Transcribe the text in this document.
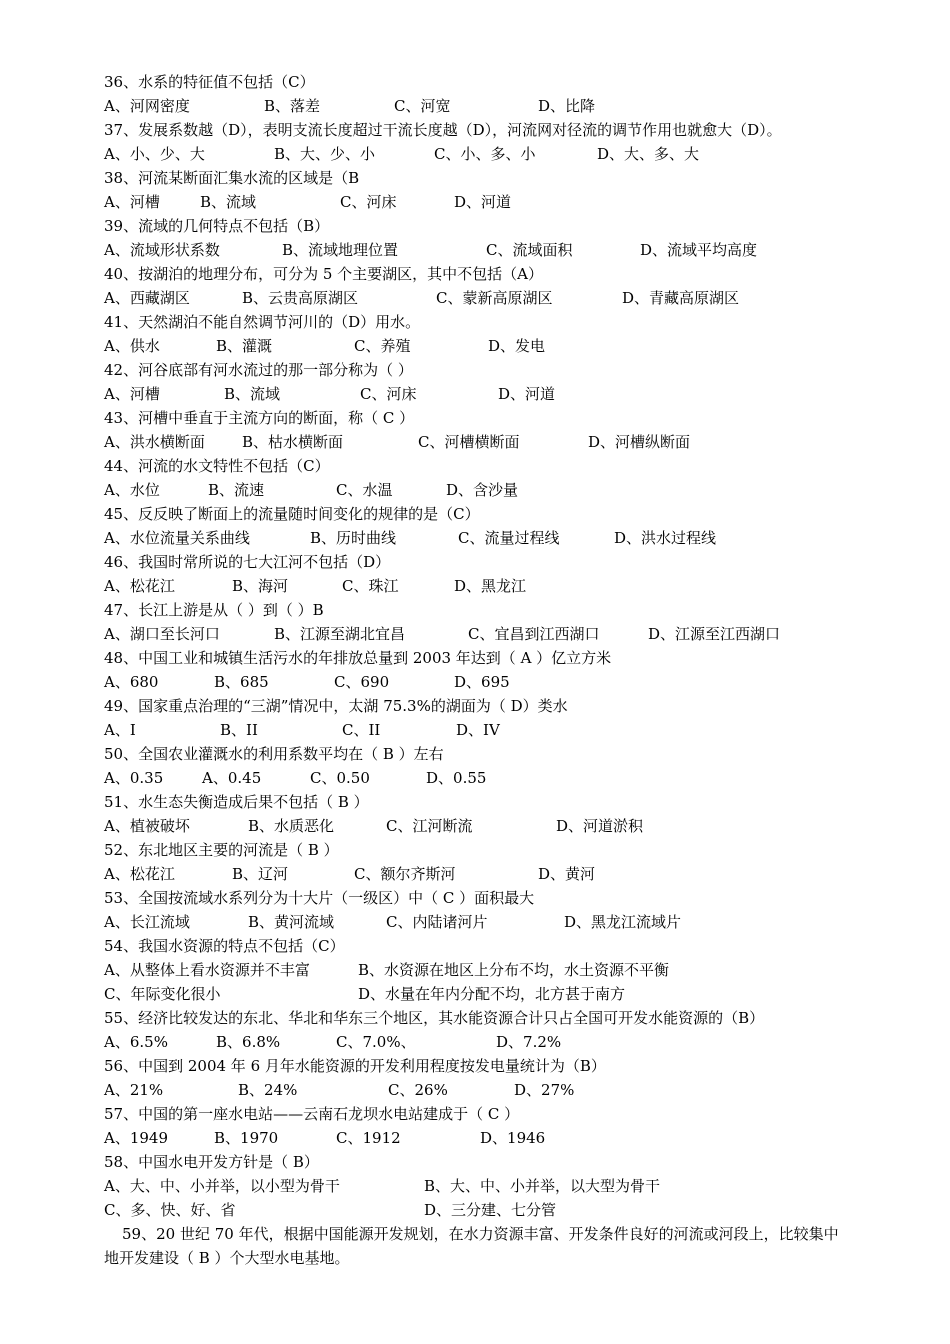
36、水系的特征值不包括（C）
A、河网密度	B、落差	C、河宽	D、比降
37、发展系数越（D），表明支流长度超过干流长度越（D），河流网对径流的调节作用也就愈大（D）。
A、小、少、大	B、大、少、小	C、小、多、小	D、大、多、大
38、河流某断面汇集水流的区域是（B
A、河槽	B、流域	C、河床	D、河道
39、流域的几何特点不包括（B）
A、流域形状系数	B、流域地理位置	C、流域面积	D、流域平均高度
40、按湖泊的地理分布，可分为 5 个主要湖区，其中不包括（A）
A、西藏湖区	B、云贵高原湖区	C、蒙新高原湖区	D、青藏高原湖区
41、天然湖泊不能自然调节河川的（D）用水。
A、供水	B、灌溉	C、养殖	D、发电
42、河谷底部有河水流过的那一部分称为（ ）
A、河槽	B、流域	C、河床	D、河道
43、河槽中垂直于主流方向的断面，称（ C ）
A、洪水横断面 B、枯水横断面	C、河槽横断面	D、河槽纵断面
44、河流的水文特性不包括（C）
A、水位	B、流速	C、水温	D、含沙量
45、反反映了断面上的流量随时间变化的规律的是（C）
A、水位流量关系曲线	B、历时曲线	C、流量过程线	D、洪水过程线
46、我国时常所说的七大江河不包括（D）
A、松花江	B、海河	C、珠江	D、黑龙江
47、长江上游是从（ ）到（ ）B
A、湖口至长河口	B、江源至湖北宜昌	C、宜昌到江西湖口	D、江源至江西湖口
48、中国工业和城镇生活污水的年排放总量到 2003 年达到（ A ）亿立方米
A、680	B、685	C、690	D、695
49、国家重点治理的“三湖”情况中，太湖 75.3%的湖面为（ D）类水
A、I	B、II	C、II	D、IV
50、全国农业灌溉水的利用系数平均在（ B ）左右
A、0.35	A、0.45	C、0.50	D、0.55
51、水生态失衡造成后果不包括（ B ）
A、植被破坏	B、水质恶化	C、江河断流	D、河道淤积
52、东北地区主要的河流是（ B ）
A、松花江	B、辽河	C、额尔齐斯河	D、黄河
53、全国按流域水系列分为十大片（一级区）中（ C ）面积最大
A、长江流域	B、黄河流域	C、内陆诸河片	D、黑龙江流域片
54、我国水资源的特点不包括（C）
A、从整体上看水资源并不丰富	B、水资源在地区上分布不均，水土资源不平衡
C、年际变化很小	D、水量在年内分配不均，北方甚于南方
55、经济比较发达的东北、华北和华东三个地区，其水能资源合计只占全国可开发水能资源的（B）
A、6.5%	B、6.8%	C、7.0%、	D、7.2%
56、中国到 2004 年 6 月年水能资源的开发利用程度按发电量统计为（B）
A、21%	B、24%	C、26%	D、27%
57、中国的第一座水电站——云南石龙坝水电站建成于（ C ）
A、1949	B、1970	C、1912	D、1946
58、中国水电开发方针是（ B）
A、大、中、小并举，以小型为骨干	B、大、中、小并举，以大型为骨干
C、多、快、好、省	D、三分建、七分管
59、20 世纪 70 年代，根据中国能源开发规划，在水力资源丰富、开发条件良好的河流或河段上，比较集中
地开发建设（ B ）个大型水电基地。
